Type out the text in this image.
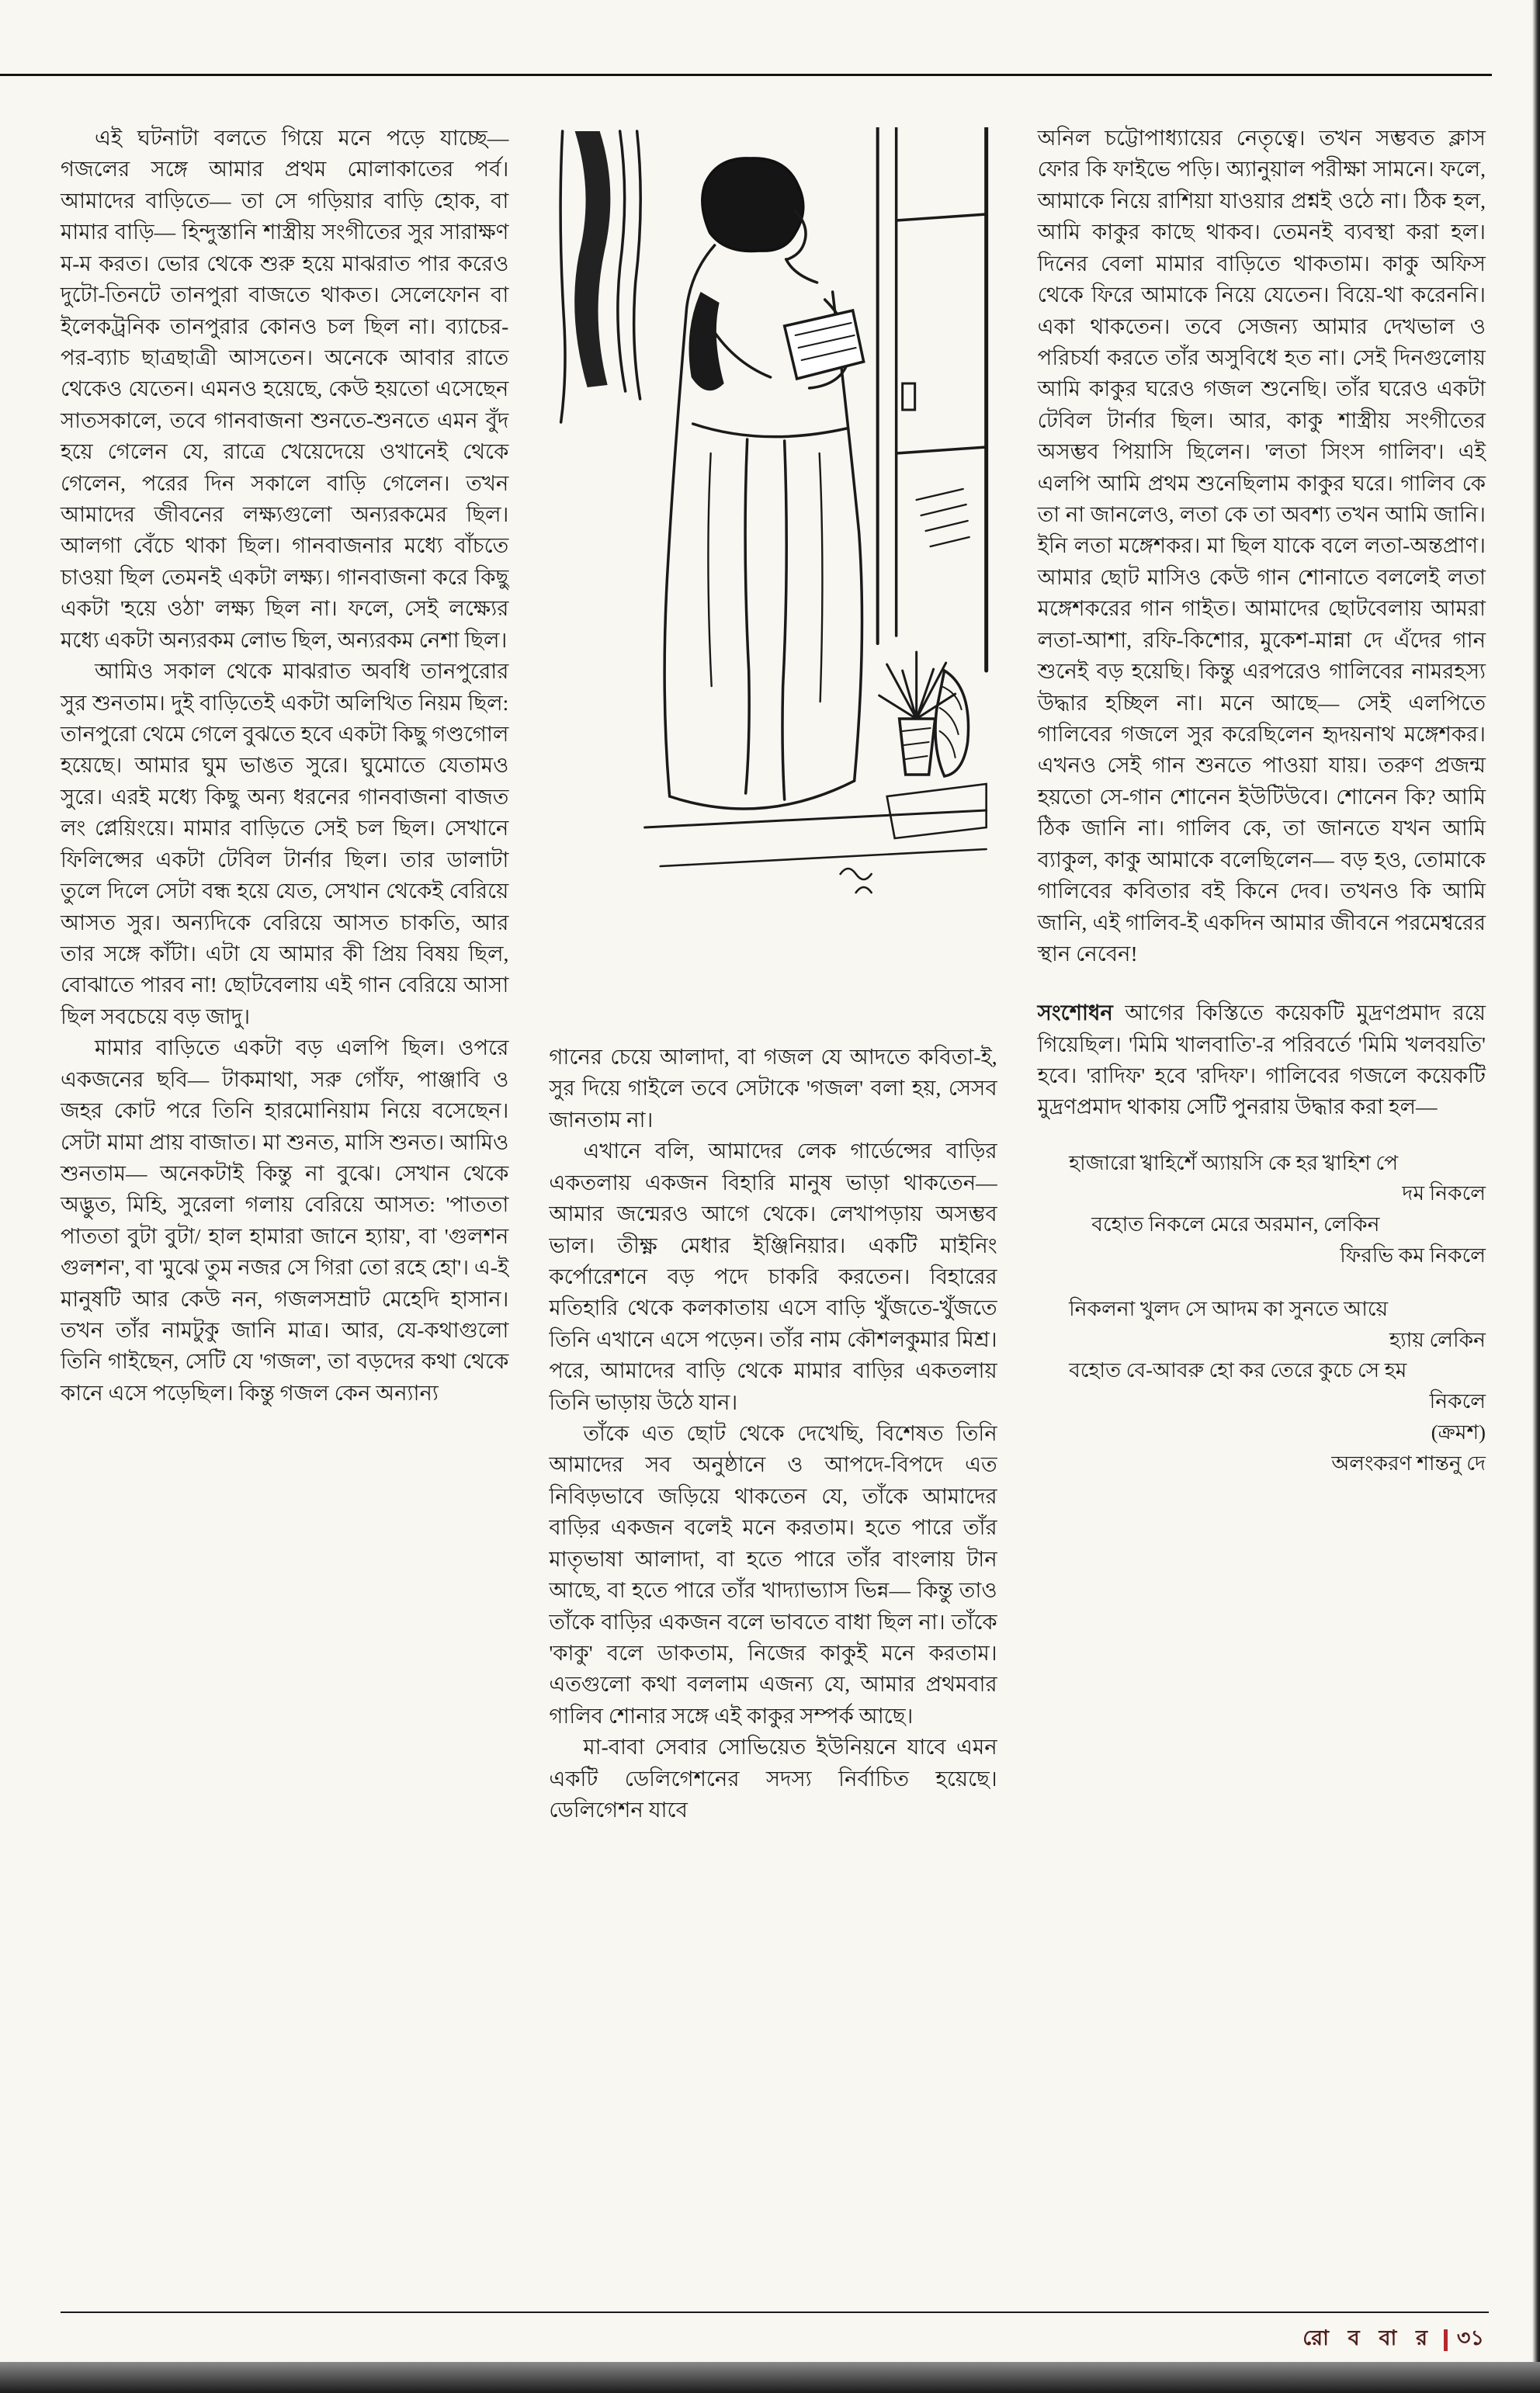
এই ঘটনাটা বলতে গিয়ে মনে পড়ে যাচ্ছে— গজলের সঙ্গে আমার প্রথম মোলাকাতের পর্ব। আমাদের বাড়িতে— তা সে গড়িয়ার বাড়ি হোক, বা মামার বাড়ি— হিন্দুস্তানি শাস্ত্রীয় সংগীতের সুর সারাক্ষণ ম-ম করত। ভোর থেকে শুরু হয়ে মাঝরাত পার করেও দুটো-তিনটে তানপুরা বাজতে থাকত। সেলেফোন বা ইলেকট্রনিক তানপুরার কোনও চল ছিল না। ব্যাচের-পর-ব্যাচ ছাত্রছাত্রী আসতেন। অনেকে আবার রাতে থেকেও যেতেন। এমনও হয়েছে, কেউ হয়তো এসেছেন সাতসকালে, তবে গানবাজনা শুনতে-শুনতে এমন বুঁদ হয়ে গেলেন যে, রাত্রে খেয়েদেয়ে ওখানেই থেকে গেলেন, পরের দিন সকালে বাড়ি গেলেন। তখন আমাদের জীবনের লক্ষ্যগুলো অন্যরকমের ছিল। আলগা বেঁচে থাকা ছিল। গানবাজনার মধ্যে বাঁচতে চাওয়া ছিল তেমনই একটা লক্ষ্য। গানবাজনা করে কিছু একটা 'হয়ে ওঠা' লক্ষ্য ছিল না। ফলে, সেই লক্ষ্যের মধ্যে একটা অন্যরকম লোভ ছিল, অন্যরকম নেশা ছিল।

আমিও সকাল থেকে মাঝরাত অবধি তানপুরোর সুর শুনতাম। দুই বাড়িতেই একটা অলিখিত নিয়ম ছিল: তানপুরো থেমে গেলে বুঝতে হবে একটা কিছু গণ্ডগোল হয়েছে। আমার ঘুম ভাঙত সুরে। ঘুমোতে যেতামও সুরে। এরই মধ্যে কিছু অন্য ধরনের গানবাজনা বাজত লং প্লেয়িংয়ে। মামার বাড়িতে সেই চল ছিল। সেখানে ফিলিপ্সের একটা টেবিল টার্নার ছিল। তার ডালাটা তুলে দিলে সেটা বন্ধ হয়ে যেত, সেখান থেকেই বেরিয়ে আসত সুর। অন্যদিকে বেরিয়ে আসত চাকতি, আর তার সঙ্গে কাঁটা। এটা যে আমার কী প্রিয় বিষয় ছিল, বোঝাতে পারব না! ছোটবেলায় এই গান বেরিয়ে আসা ছিল সবচেয়ে বড় জাদু।

মামার বাড়িতে একটা বড় এলপি ছিল। ওপরে একজনের ছবি— টাকমাথা, সরু গোঁফ, পাঞ্জাবি ও জহর কোট পরে তিনি হারমোনিয়াম নিয়ে বসেছেন। সেটা মামা প্রায় বাজাত। মা শুনত, মাসি শুনত। আমিও শুনতাম— অনেকটাই কিন্তু না বুঝে। সেখান থেকে অদ্ভুত, মিহি, সুরেলা গলায় বেরিয়ে আসত: 'পাততা পাততা বুটা বুটা/ হাল হামারা জানে হ্যায়', বা 'গুলশন গুলশন', বা 'মুঝে তুম নজর সে গিরা তো রহে হো'। এ-ই মানুষটি আর কেউ নন, গজলসম্রাট মেহেদি হাসান। তখন তাঁর নামটুকু জানি মাত্র। আর, যে-কথাগুলো তিনি গাইছেন, সেটি যে 'গজল', তা বড়দের কথা থেকে কানে এসে পড়েছিল। কিন্তু গজল কেন অন্যান্য

গানের চেয়ে আলাদা, বা গজল যে আদতে কবিতা-ই, সুর দিয়ে গাইলে তবে সেটাকে 'গজল' বলা হয়, সেসব জানতাম না।

এখানে বলি, আমাদের লেক গার্ডেন্সের বাড়ির একতলায় একজন বিহারি মানুষ ভাড়া থাকতেন— আমার জন্মেরও আগে থেকে। লেখাপড়ায় অসম্ভব ভাল। তীক্ষ্ণ মেধার ইঞ্জিনিয়ার। একটি মাইনিং কর্পোরেশনে বড় পদে চাকরি করতেন। বিহারের মতিহারি থেকে কলকাতায় এসে বাড়ি খুঁজতে-খুঁজতে তিনি এখানে এসে পড়েন। তাঁর নাম কৌশলকুমার মিশ্র। পরে, আমাদের বাড়ি থেকে মামার বাড়ির একতলায় তিনি ভাড়ায় উঠে যান।

তাঁকে এত ছোট থেকে দেখেছি, বিশেষত তিনি আমাদের সব অনুষ্ঠানে ও আপদে-বিপদে এত নিবিড়ভাবে জড়িয়ে থাকতেন যে, তাঁকে আমাদের বাড়ির একজন বলেই মনে করতাম। হতে পারে তাঁর মাতৃভাষা আলাদা, বা হতে পারে তাঁর বাংলায় টান আছে, বা হতে পারে তাঁর খাদ্যাভ্যাস ভিন্ন— কিন্তু তাও তাঁকে বাড়ির একজন বলে ভাবতে বাধা ছিল না। তাঁকে 'কাকু' বলে ডাকতাম, নিজের কাকুই মনে করতাম। এতগুলো কথা বললাম এজন্য যে, আমার প্রথমবার গালিব শোনার সঙ্গে এই কাকুর সম্পর্ক আছে।

মা-বাবা সেবার সোভিয়েত ইউনিয়নে যাবে এমন একটি ডেলিগেশনের সদস্য নির্বাচিত হয়েছে। ডেলিগেশন যাবে

অনিল চট্টোপাধ্যায়ের নেতৃত্বে। তখন সম্ভবত ক্লাস ফোর কি ফাইভে পড়ি। অ্যানুয়াল পরীক্ষা সামনে। ফলে, আমাকে নিয়ে রাশিয়া যাওয়ার প্রশ্নই ওঠে না। ঠিক হল, আমি কাকুর কাছে থাকব। তেমনই ব্যবস্থা করা হল। দিনের বেলা মামার বাড়িতে থাকতাম। কাকু অফিস থেকে ফিরে আমাকে নিয়ে যেতেন। বিয়ে-থা করেননি। একা থাকতেন। তবে সেজন্য আমার দেখভাল ও পরিচর্যা করতে তাঁর অসুবিধে হত না। সেই দিনগুলোয় আমি কাকুর ঘরেও গজল শুনেছি। তাঁর ঘরেও একটা টেবিল টার্নার ছিল। আর, কাকু শাস্ত্রীয় সংগীতের অসম্ভব পিয়াসি ছিলেন। 'লতা সিংস গালিব'। এই এলপি আমি প্রথম শুনেছিলাম কাকুর ঘরে। গালিব কে তা না জানলেও, লতা কে তা অবশ্য তখন আমি জানি। ইনি লতা মঙ্গেশকর। মা ছিল যাকে বলে লতা-অন্তপ্রাণ। আমার ছোট মাসিও কেউ গান শোনাতে বললেই লতা মঙ্গেশকরের গান গাইত। আমাদের ছোটবেলায় আমরা লতা-আশা, রফি-কিশোর, মুকেশ-মান্না দে এঁদের গান শুনেই বড় হয়েছি। কিন্তু এরপরেও গালিবের নামরহস্য উদ্ধার হচ্ছিল না। মনে আছে— সেই এলপিতে গালিবের গজলে সুর করেছিলেন হৃদয়নাথ মঙ্গেশকর। এখনও সেই গান শুনতে পাওয়া যায়। তরুণ প্রজন্ম হয়তো সে-গান শোনেন ইউটিউবে। শোনেন কি? আমি ঠিক জানি না। গালিব কে, তা জানতে যখন আমি ব্যাকুল, কাকু আমাকে বলেছিলেন— বড় হও, তোমাকে গালিবের কবিতার বই কিনে দেব। তখনও কি আমি জানি, এই গালিব-ই একদিন আমার জীবনে পরমেশ্বরের স্থান নেবেন!

সংশোধন আগের কিস্তিতে কয়েকটি মুদ্রণপ্রমাদ রয়ে গিয়েছিল। 'মিমি খালবাতি'-র পরিবর্তে 'মিমি খলবয়তি' হবে। 'রাদিফ' হবে 'রদিফ'। গালিবের গজলে কয়েকটি মুদ্রণপ্রমাদ থাকায় সেটি পুনরায় উদ্ধার করা হল—

হাজারো খ্বাহিশেঁ অ্যায়সি কে হর খ্বাহিশ পে

দম নিকলে

বহোত নিকলে মেরে অরমান, লেকিন

ফিরভি কম নিকলে

নিকলনা খুলদ সে আদম কা সুনতে আয়ে

হ্যায় লেকিন

বহোত বে-আবরু হো কর তেরে কুচে সে হম

নিকলে

(ক্রমশ)

অলংকরণ শান্তনু দে

রো ব বা র ৩১
